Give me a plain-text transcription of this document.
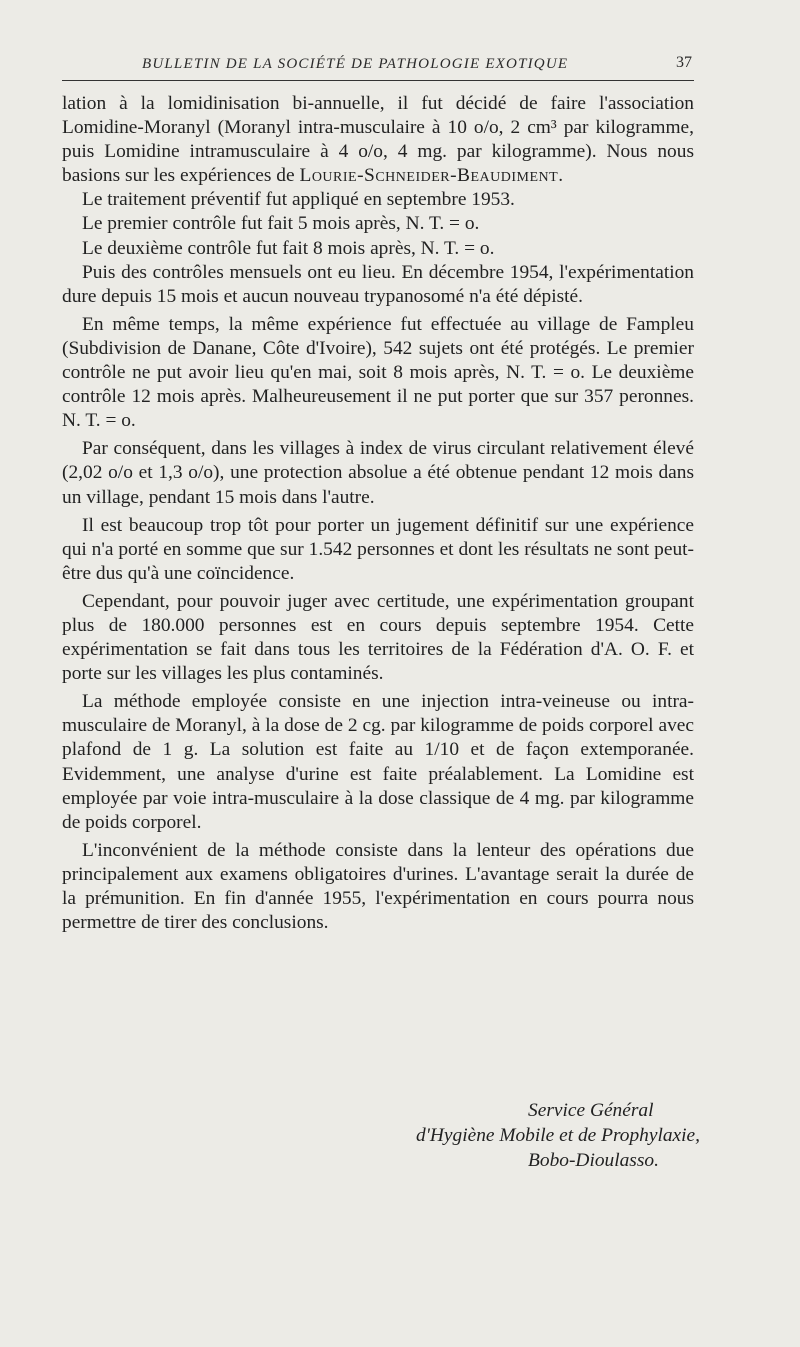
BULLETIN DE LA SOCIÉTÉ DE PATHOLOGIE EXOTIQUE	37

lation à la lomidinisation bi-annuelle, il fut décidé de faire l'association Lomidine-Moranyl (Moranyl intra-musculaire à 10 o/o, 2 cm³ par kilogramme, puis Lomidine intramusculaire à 4 o/o, 4 mg. par kilogramme). Nous nous basions sur les expériences de Lourie-Schneider-Beaudiment.

Le traitement préventif fut appliqué en septembre 1953.

Le premier contrôle fut fait 5 mois après, N. T. = o.

Le deuxième contrôle fut fait 8 mois après, N. T. = o.

Puis des contrôles mensuels ont eu lieu. En décembre 1954, l'expérimentation dure depuis 15 mois et aucun nouveau trypanosomé n'a été dépisté.

En même temps, la même expérience fut effectuée au village de Fampleu (Subdivision de Danane, Côte d'Ivoire), 542 sujets ont été protégés. Le premier contrôle ne put avoir lieu qu'en mai, soit 8 mois après, N. T. = o. Le deuxième contrôle 12 mois après. Malheureusement il ne put porter que sur 357 peronnes. N. T. = o.

Par conséquent, dans les villages à index de virus circulant relativement élevé (2,02 o/o et 1,3 o/o), une protection absolue a été obtenue pendant 12 mois dans un village, pendant 15 mois dans l'autre.

Il est beaucoup trop tôt pour porter un jugement définitif sur une expérience qui n'a porté en somme que sur 1.542 personnes et dont les résultats ne sont peut-être dus qu'à une coïncidence.

Cependant, pour pouvoir juger avec certitude, une expérimentation groupant plus de 180.000 personnes est en cours depuis septembre 1954. Cette expérimentation se fait dans tous les territoires de la Fédération d'A. O. F. et porte sur les villages les plus contaminés.

La méthode employée consiste en une injection intra-veineuse ou intra-musculaire de Moranyl, à la dose de 2 cg. par kilogramme de poids corporel avec plafond de 1 g. La solution est faite au 1/10 et de façon extemporanée. Evidemment, une analyse d'urine est faite préalablement. La Lomidine est employée par voie intra-musculaire à la dose classique de 4 mg. par kilogramme de poids corporel.

L'inconvénient de la méthode consiste dans la lenteur des opérations due principalement aux examens obligatoires d'urines. L'avantage serait la durée de la prémunition. En fin d'année 1955, l'expérimentation en cours pourra nous permettre de tirer des conclusions.

Service Général
d'Hygiène Mobile et de Prophylaxie,
Bobo-Dioulasso.
